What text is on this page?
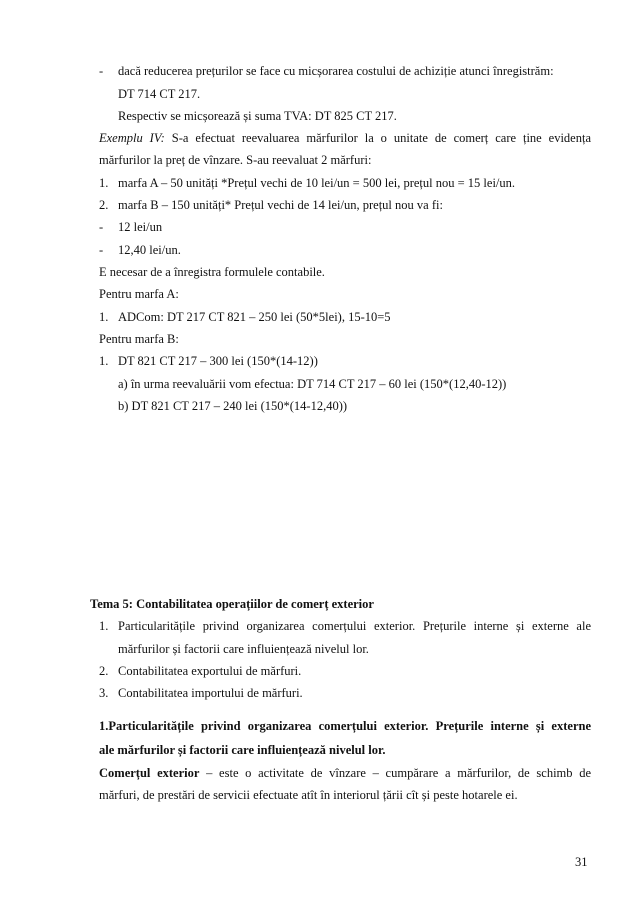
- dacă reducerea prețurilor se face cu micșorarea costului de achiziție atunci înregistrăm:
DT 714 CT 217.
Respectiv se micșorează și suma TVA: DT 825 CT 217.
Exemplu IV: S-a efectuat reevaluarea mărfurilor la o unitate de comerț care ține evidența
mărfurilor la preț de vînzare. S-au reevaluat 2 mărfuri:
1. marfa A – 50 unități *Prețul vechi de 10 lei/un = 500 lei, prețul nou = 15 lei/un.
2. marfa B – 150 unități* Prețul vechi de 14 lei/un, prețul nou va fi:
- 12 lei/un
- 12,40 lei/un.
E necesar de a înregistra formulele contabile.
Pentru marfa A:
1. ADCom: DT 217 CT 821 – 250 lei (50*5lei), 15-10=5
Pentru marfa B:
1. DT 821 CT 217 – 300 lei (150*(14-12))
a) în urma reevaluării vom efectua: DT 714 CT 217 – 60 lei (150*(12,40-12))
b) DT 821 CT 217 – 240 lei (150*(14-12,40))
Tema 5: Contabilitatea operațiilor de comerț exterior
1. Particularitățile privind organizarea comerțului exterior. Prețurile interne și externe ale
mărfurilor și factorii care influiențează nivelul lor.
2. Contabilitatea exportului de mărfuri.
3. Contabilitatea importului de mărfuri.
1.Particularitățile privind organizarea comerțului exterior. Prețurile interne și externe
ale mărfurilor și factorii care influiențează nivelul lor.
Comerțul exterior – este o activitate de vînzare – cumpărare a mărfurilor, de schimb de
mărfuri, de prestări de servicii efectuate atît în interiorul țării cît și peste hotarele ei.
31
